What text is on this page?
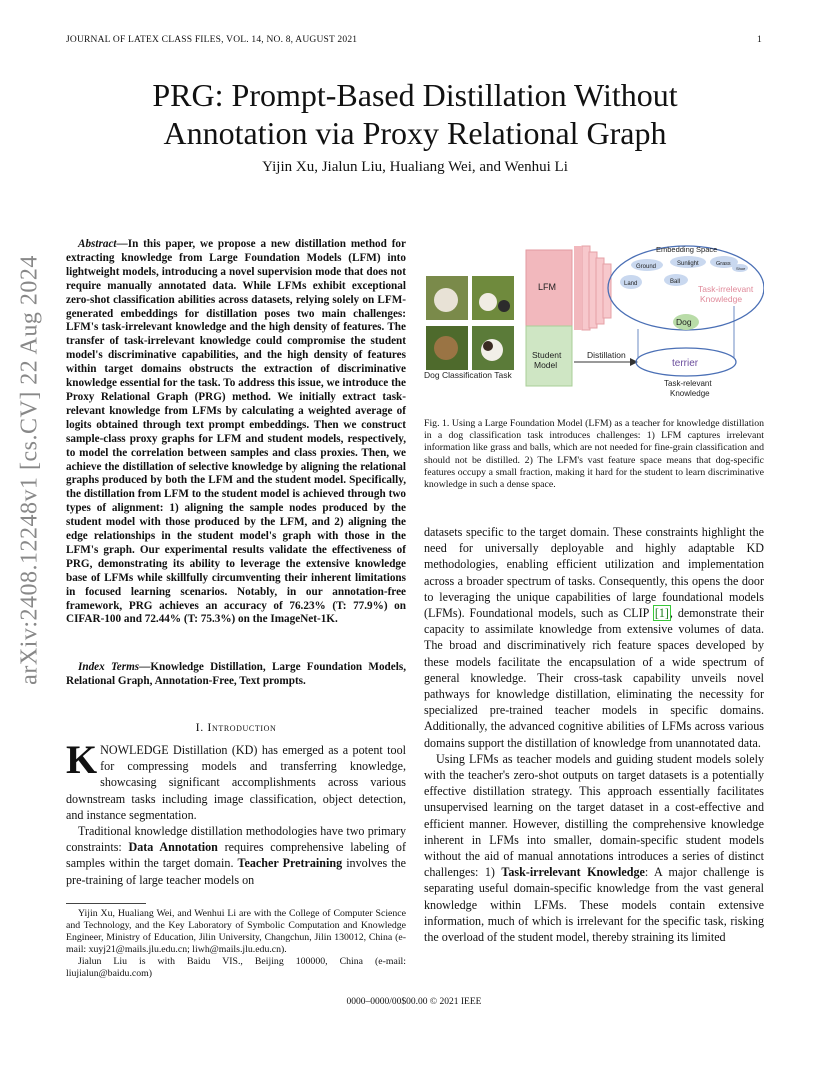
JOURNAL OF LATEX CLASS FILES, VOL. 14, NO. 8, AUGUST 2021	1
arXiv:2408.12248v1 [cs.CV] 22 Aug 2024
PRG: Prompt-Based Distillation Without
Annotation via Proxy Relational Graph
Yijin Xu, Jialun Liu, Hualiang Wei, and Wenhui Li

Abstract—In this paper, we propose a new distillation method for extracting knowledge from Large Foundation Models (LFM) into lightweight models, introducing a novel supervision mode that does not require manually annotated data. While LFMs exhibit exceptional zero-shot classification abilities across datasets, relying solely on LFM-generated embeddings for distillation poses two main challenges: LFM's task-irrelevant knowledge and the high density of features. The transfer of task-irrelevant knowledge could compromise the student model's discriminative capabilities, and the high density of features within target domains obstructs the extraction of discriminative knowledge essential for the task. To address this issue, we introduce the Proxy Relational Graph (PRG) method. We initially extract task-relevant knowledge from LFMs by calculating a weighted average of logits obtained through text prompt embeddings. Then we construct sample-class proxy graphs for LFM and student models, respectively, to model the correlation between samples and class proxies. Then, we achieve the distillation of selective knowledge by aligning the relational graphs produced by both the LFM and the student model. Specifically, the distillation from LFM to the student model is achieved through two types of alignment: 1) aligning the sample nodes produced by the student model with those produced by the LFM, and 2) aligning the edge relationships in the student model's graph with those in the LFM's graph. Our experimental results validate the effectiveness of PRG, demonstrating its ability to leverage the extensive knowledge base of LFMs while skillfully circumventing their inherent limitations in focused learning scenarios. Notably, in our annotation-free framework, PRG achieves an accuracy of 76.23% (T: 77.9%) on CIFAR-100 and 72.44% (T: 75.3%) on the ImageNet-1K.

Index Terms—Knowledge Distillation, Large Foundation Models, Relational Graph, Annotation-Free, Text prompts.

I. Introduction

KNOWLEDGE Distillation (KD) has emerged as a potent tool for compressing models and transferring knowledge, showcasing significant accomplishments across various downstream tasks including image classification, object detection, and instance segmentation.

Traditional knowledge distillation methodologies have two primary constraints: Data Annotation requires comprehensive labeling of samples within the target domain. Teacher Pretraining involves the pre-training of large teacher models on

Yijin Xu, Hualiang Wei, and Wenhui Li are with the College of Computer Science and Technology, and the Key Laboratory of Symbolic Computation and Knowledge Engineer, Ministry of Education, Jilin University, Changchun, Jilin 130012, China (e-mail: xuyj21@mails.jlu.edu.cn; liwh@mails.jlu.edu.cn).

Jialun Liu is with Baidu VIS., Beijing 100000, China (e-mail: liujialun@baidu.com)

Dog Classification Task
LFM
Student
Model
Distillation
Embedding Space
Ground	Sunlight	Grass
Shoe
Land	Ball
Task-irrelevant
Knowledge
Dog
terrier
Task-relevant
Knowledge

Fig. 1. Using a Large Foundation Model (LFM) as a teacher for knowledge distillation in a dog classification task introduces challenges: 1) LFM captures irrelevant information like grass and balls, which are not needed for fine-grain classification and should not be distilled. 2) The LFM's vast feature space means that dog-specific features occupy a small fraction, making it hard for the student to learn discriminative knowledge in such a dense space.

datasets specific to the target domain. These constraints highlight the need for universally deployable and highly adaptable KD methodologies, enabling efficient utilization and implementation across a broader spectrum of tasks. Consequently, this opens the door to leveraging the unique capabilities of large foundational models (LFMs). Foundational models, such as CLIP [1], demonstrate their capacity to assimilate knowledge from extensive volumes of data. The broad and discriminatively rich feature spaces developed by these models facilitate the encapsulation of a wide spectrum of general knowledge. Their cross-task capability unveils novel pathways for knowledge distillation, eliminating the necessity for specialized pre-trained teacher models in specific domains. Additionally, the advanced cognitive abilities of LFMs across various domains support the distillation of knowledge from unannotated data.

Using LFMs as teacher models and guiding student models solely with the teacher's zero-shot outputs on target datasets is a potentially effective distillation strategy. This approach essentially facilitates unsupervised learning on the target dataset in a cost-effective and efficient manner. However, distilling the comprehensive knowledge inherent in LFMs into smaller, domain-specific student models without the aid of manual annotations introduces a series of distinct challenges: 1) Task-irrelevant Knowledge: A major challenge is separating useful domain-specific knowledge from the vast general knowledge within LFMs. These models contain extensive information, much of which is irrelevant for the specific task, risking the overload of the student model, thereby straining its limited

0000–0000/00$00.00 © 2021 IEEE
